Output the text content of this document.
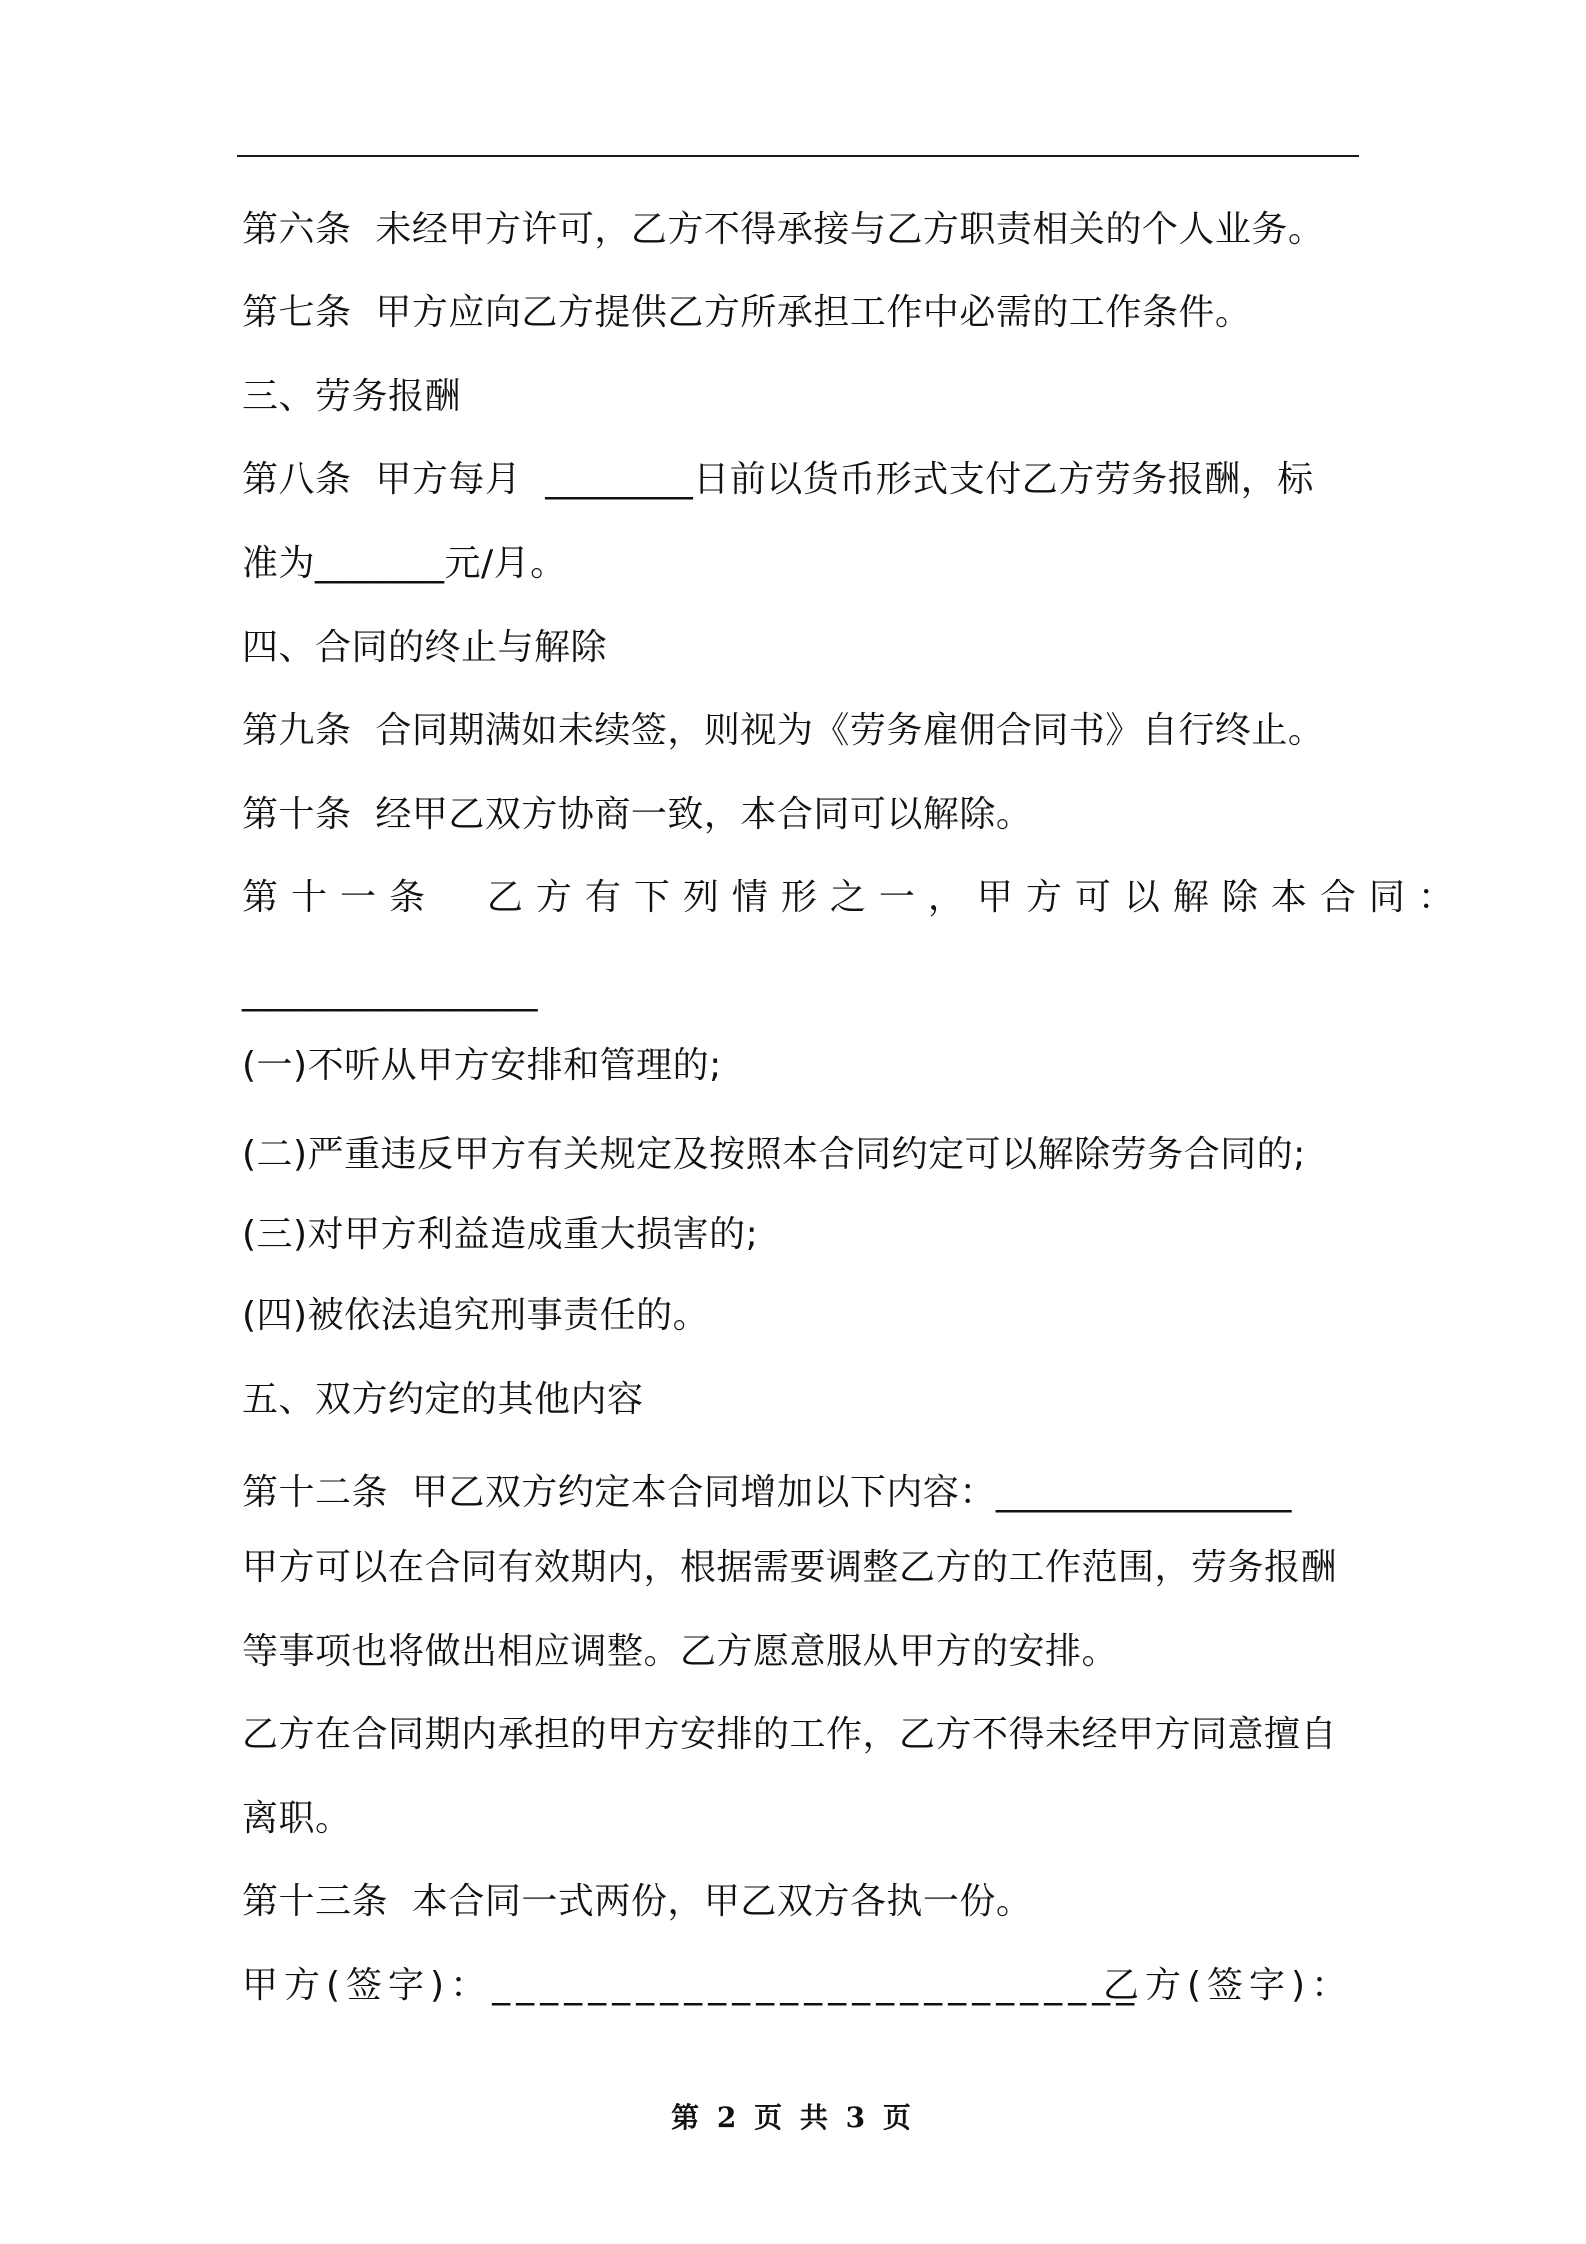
第六条  未经甲方许可，乙方不得承接与乙方职责相关的个人业务。
第七条  甲方应向乙方提供乙方所承担工作中必需的工作条件。
三、劳务报酬
第八条  甲方每月  ________日前以货币形式支付乙方劳务报酬，标
准为_______元/月。
四、合同的终止与解除
第九条  合同期满如未续签，则视为《劳务雇佣合同书》自行终止。
第十条  经甲乙双方协商一致，本合同可以解除。
第十一条  乙方有下列情形之一，甲方可以解除本合同：
________________
(一)不听从甲方安排和管理的;
(二)严重违反甲方有关规定及按照本合同约定可以解除劳务合同的;
(三)对甲方利益造成重大损害的;
(四)被依法追究刑事责任的。
五、双方约定的其他内容
第十二条  甲乙双方约定本合同增加以下内容：________________
甲方可以在合同有效期内，根据需要调整乙方的工作范围，劳务报酬
等事项也将做出相应调整。乙方愿意服从甲方的安排。
乙方在合同期内承担的甲方安排的工作，乙方不得未经甲方同意擅自
离职。
第十三条  本合同一式两份，甲乙双方各执一份。
甲方(签字)：___________________________
乙方(签字)：
第 2 页 共 3 页
